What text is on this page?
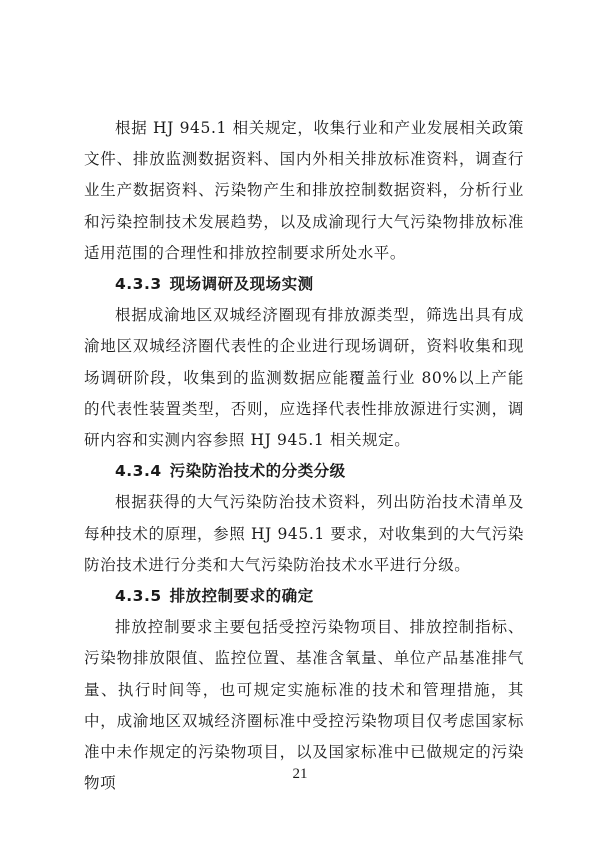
根据 HJ 945.1 相关规定，收集行业和产业发展相关政策文件、排放监测数据资料、国内外相关排放标准资料，调查行业生产数据资料、污染物产生和排放控制数据资料，分析行业和污染控制技术发展趋势，以及成渝现行大气污染物排放标准适用范围的合理性和排放控制要求所处水平。

4.3.3 现场调研及现场实测

根据成渝地区双城经济圈现有排放源类型，筛选出具有成渝地区双城经济圈代表性的企业进行现场调研，资料收集和现场调研阶段，收集到的监测数据应能覆盖行业 80%以上产能的代表性装置类型，否则，应选择代表性排放源进行实测，调研内容和实测内容参照 HJ 945.1 相关规定。

4.3.4 污染防治技术的分类分级

根据获得的大气污染防治技术资料，列出防治技术清单及每种技术的原理，参照 HJ 945.1 要求，对收集到的大气污染防治技术进行分类和大气污染防治技术水平进行分级。

4.3.5 排放控制要求的确定

排放控制要求主要包括受控污染物项目、排放控制指标、污染物排放限值、监控位置、基准含氧量、单位产品基准排气量、执行时间等，也可规定实施标准的技术和管理措施，其中，成渝地区双城经济圈标准中受控污染物项目仅考虑国家标准中未作规定的污染物项目，以及国家标准中已做规定的污染物项

21
